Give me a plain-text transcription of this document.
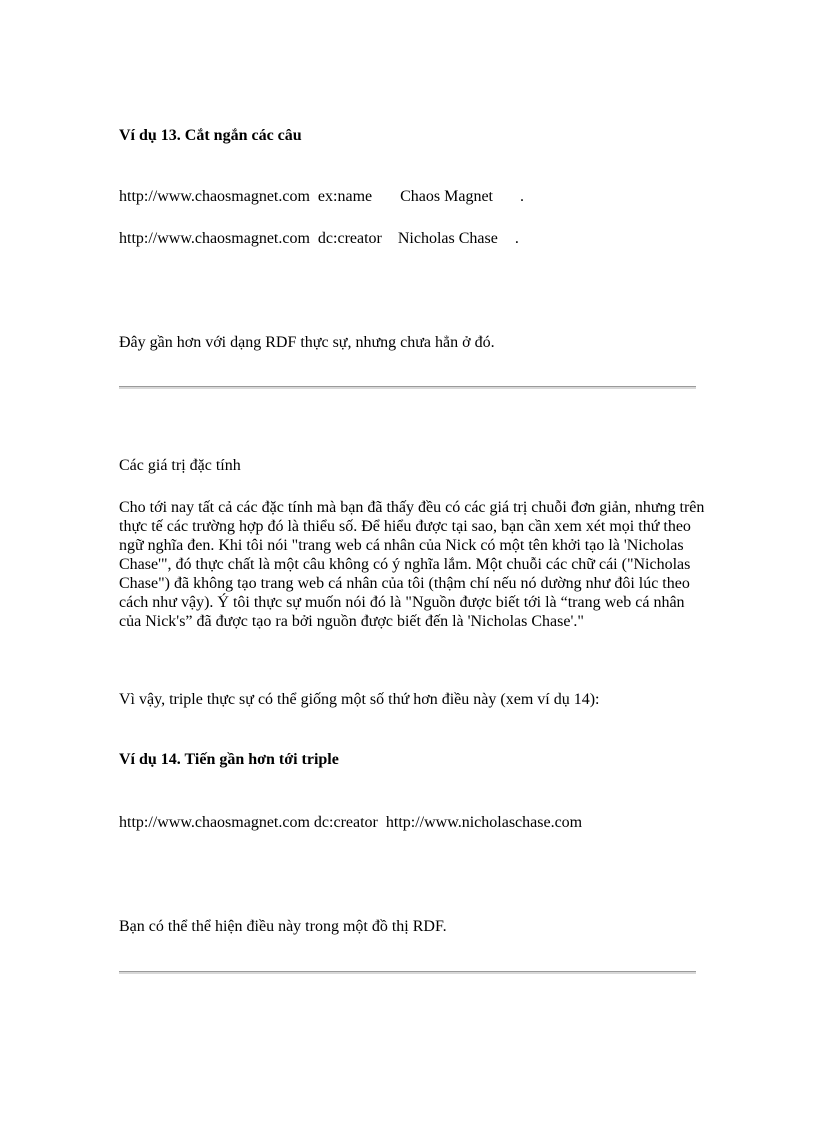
Ví dụ 13. Cắt ngắn các câu
http://www.chaosmagnet.com ex:name Chaos Magnet .
http://www.chaosmagnet.com dc:creator Nicholas Chase .
Đây gần hơn với dạng RDF thực sự, nhưng chưa hẳn ở đó.
Các giá trị đặc tính
Cho tới nay tất cả các đặc tính mà bạn đã thấy đều có các giá trị chuỗi đơn giản, nhưng trên thực tế các trường hợp đó là thiểu số. Để hiểu được tại sao, bạn cần xem xét mọi thứ theo ngữ nghĩa đen. Khi tôi nói "trang web cá nhân của Nick có một tên khởi tạo là 'Nicholas Chase'", đó thực chất là một câu không có ý nghĩa lắm. Một chuỗi các chữ cái ("Nicholas Chase") đã không tạo trang web cá nhân của tôi (thậm chí nếu nó dường như đôi lúc theo cách như vậy). Ý tôi thực sự muốn nói đó là "Nguồn được biết tới là “trang web cá nhân của Nick's” đã được tạo ra bởi nguồn được biết đến là 'Nicholas Chase'."
Vì vậy, triple thực sự có thể giống một số thứ hơn điều này (xem ví dụ 14):
Ví dụ 14. Tiến gần hơn tới triple
http://www.chaosmagnet.com dc:creator http://www.nicholaschase.com
Bạn có thể thể hiện điều này trong một đồ thị RDF.
